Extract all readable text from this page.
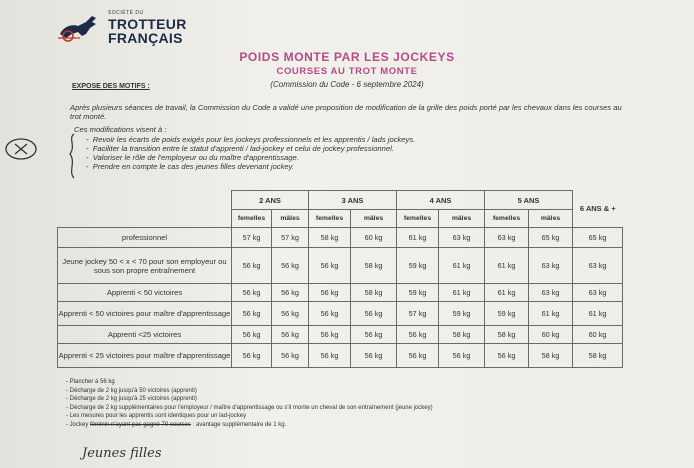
SOCIÉTÉ DU
TROTTEUR
FRANÇAIS
POIDS MONTE PAR LES JOCKEYS
COURSES AU TROT MONTE
(Commission du Code - 6 septembre 2024)
EXPOSE DES MOTIFS :
Après plusieurs séances de travail, la Commission du Code a validé une proposition de modification de la grille des poids porté par les chevaux dans les courses au trot monté.
Ces modifications visent à :
-  Revoir les écarts de poids exigés pour les jockeys professionnels et les apprentis / lads jockeys.
-  Faciliter la transition entre le statut d'apprenti / lad-jockey et celui de jockey professionnel.
-  Valoriser le rôle de l'employeur ou du maître d'apprentissage.
-  Prendre en compte le cas des jeunes filles devenant jockey.
	2 ANS		3 ANS		4 ANS		5 ANS		6 ANS & +
	femelles	mâles	femelles	mâles	femelles	mâles	femelles	mâles	
professionnel	57 kg	57 kg	58 kg	60 kg	61 kg	63 kg	63 kg	65 kg	65 kg
Jeune jockey 50 < x < 70 pour son employeur ou sous son propre entraînement	56 kg	56 kg	56 kg	58 kg	59 kg	61 kg	61 kg	63 kg	63 kg
Apprenti < 50 victoires	56 kg	56 kg	56 kg	58 kg	59 kg	61 kg	61 kg	63 kg	63 kg
Apprenti < 50 victoires pour maître d'apprentissage	56 kg	56 kg	56 kg	56 kg	57 kg	59 kg	59 kg	61 kg	61 kg
Apprenti <25 victoires	56 kg	56 kg	56 kg	56 kg	56 kg	58 kg	58 kg	60 kg	60 kg
Apprenti < 25 victoires pour maître d'apprentissage	56 kg	56 kg	56 kg	56 kg	56 kg	56 kg	56 kg	58 kg	58 kg
- Plancher à 56 kg
- Décharge de 2 kg jusqu'à 50 victoires (apprenti)
- Décharge de 2 kg jusqu'à 25 victoires (apprenti)
- Décharge de 2 kg supplémentaires pour l'employeur / maître d'apprentissage ou s'il monte un cheval de son entraînement (jeune jockey)
- Les mesures pour les apprentis sont identiques pour un lad-jockey
- Jockey féminin n'ayant pas gagné 70 courses : avantage supplémentaire de 1 kg.
Jeunes filles
